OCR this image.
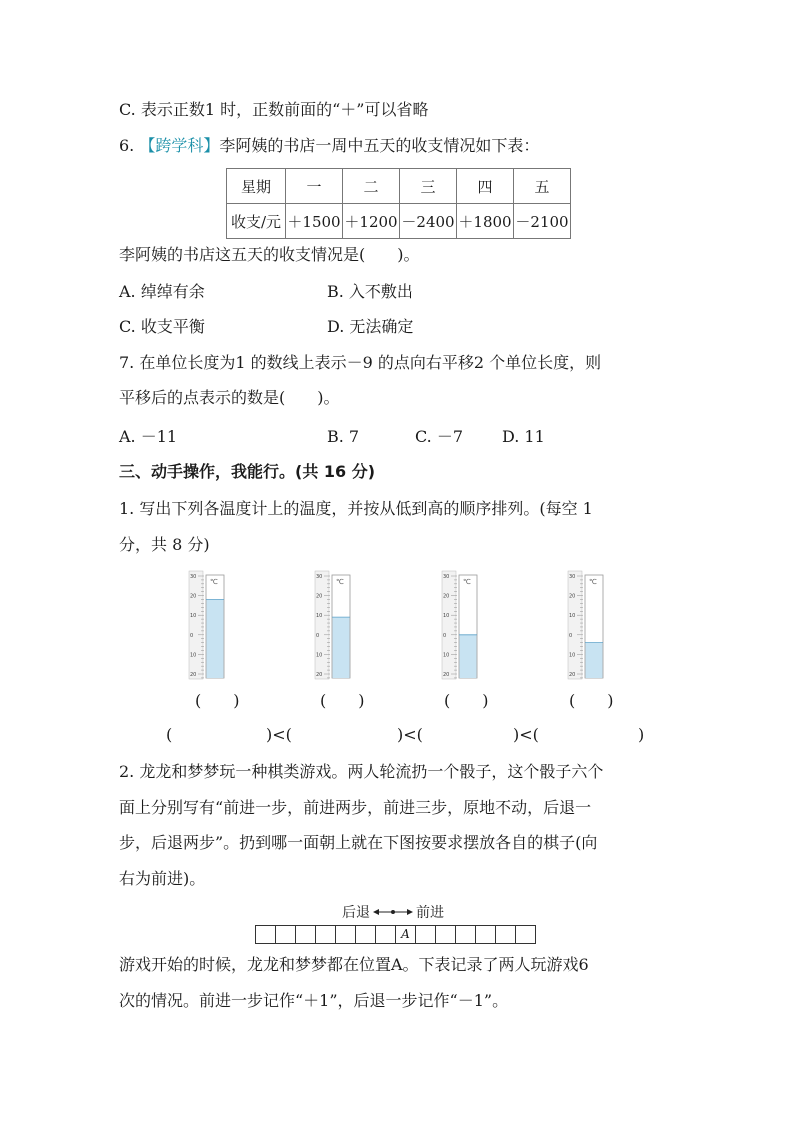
C. 表示正数1 时，正数前面的“＋”可以省略
6. 【跨学科】李阿姨的书店一周中五天的收支情况如下表：
星期	一	二	三	四	五
收支/元	＋1500	＋1200	－2400	＋1800	－2100
李阿姨的书店这五天的收支情况是(　　)。
A. 绰绰有余	B. 入不敷出
C. 收支平衡	D. 无法确定
7. 在单位长度为1 的数线上表示－9 的点向右平移2 个单位长度，则
平移后的点表示的数是(　　)。
A. －11	B. 7	C. －7 D. 11
三、动手操作，我能行。(共 16 分)
1. 写出下列各温度计上的温度，并按从低到高的顺序排列。(每空 1
分，共 8 分)
30
20
10
0
10
20
℃
30
20
10
0
10
20
℃
30
20
10
0
10
20
℃
30
20
10
0
10
20
℃
(　　)	(　　)	(　　)	(　　)
(	)<(	)<(	)<(	)
2. 龙龙和梦梦玩一种棋类游戏。两人轮流扔一个骰子，这个骰子六个
面上分别写有“前进一步，前进两步，前进三步，原地不动，后退一
步，后退两步”。扔到哪一面朝上就在下图按要求摆放各自的棋子(向
右为前进)。
后退	前进
A
游戏开始的时候，龙龙和梦梦都在位置A。下表记录了两人玩游戏6
次的情况。前进一步记作“＋1”，后退一步记作“－1”。
